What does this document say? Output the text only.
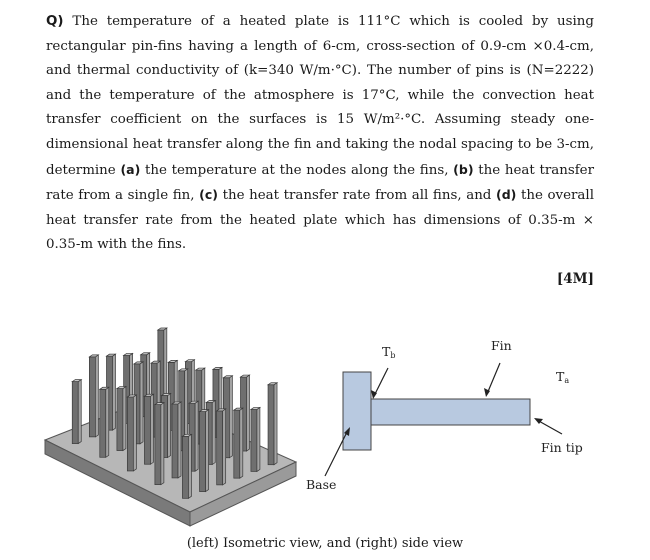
Q) The temperature of a heated plate is 111°C which is cooled by using rectangular pin-fins having a length of 6-cm, cross-section of 0.9-cm ×0.4-cm, and thermal conductivity of (k=340 W/m·°C). The number of pins is (N=2222) and the temperature of the atmosphere is 17°C, while the convection heat transfer coefficient on the surfaces is 15 W/m²·°C. Assuming steady one-dimensional heat transfer along the fin and taking the nodal spacing to be 3-cm, determine (a) the temperature at the nodes along the fins, (b) the heat transfer rate from a single fin, (c) the heat transfer rate from all fins, and (d) the overall heat transfer rate from the heated plate which has dimensions of 0.35-m × 0.35-m with the fins.

[4M]
Tb
Fin
Ta
Fin tip
Base
(left) Isometric view, and (right) side view
